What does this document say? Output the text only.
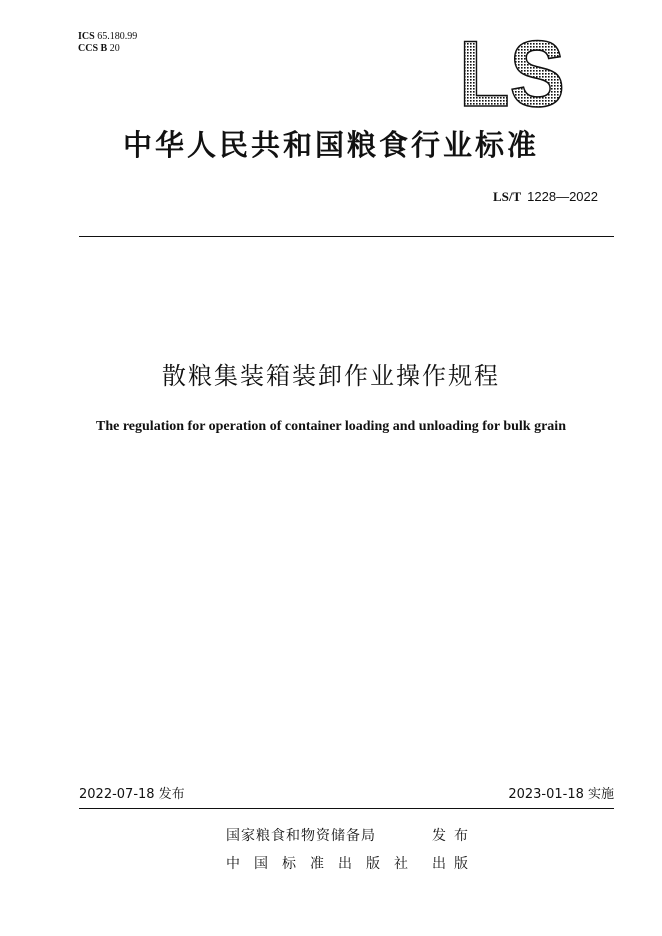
ICS 65.180.99
CCS B 20	LS
中华人民共和国粮食行业标准
LS/T 1228—2022
散粮集装箱装卸作业操作规程
The regulation for operation of container loading and unloading for bulk grain
2022-07-18 发布	2023-01-18 实施
国家粮食和物资储备局	发布
中国标准出版社 出版
